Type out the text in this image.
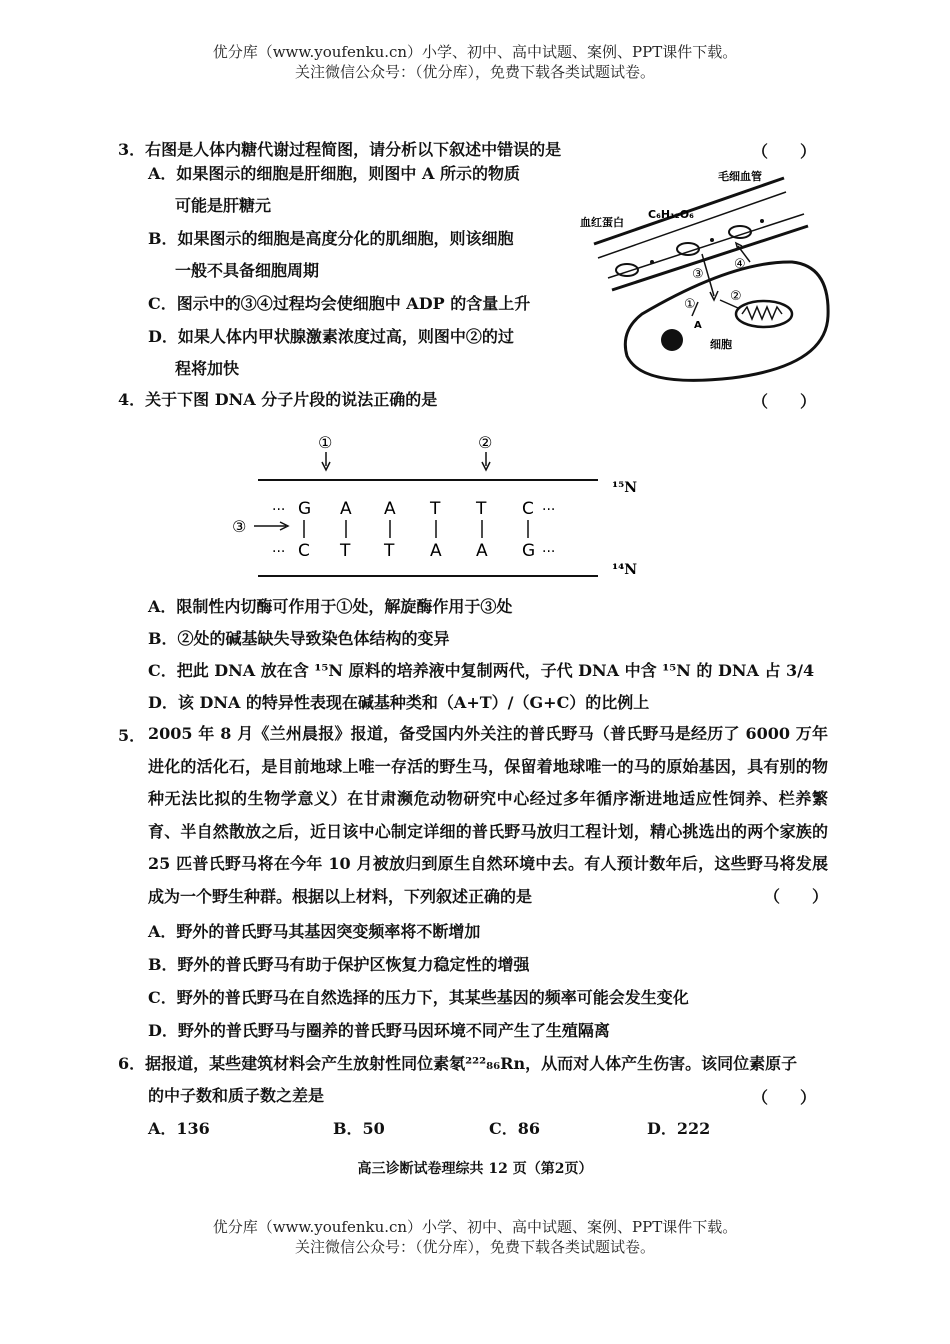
优分库（www.youfenku.cn）小学、初中、高中试题、案例、PPT课件下载。
关注微信公众号：（优分库），免费下载各类试题试卷。
3．右图是人体内糖代谢过程简图，请分析以下叙述中错误的是	（　　）
A．如果图示的细胞是肝细胞，则图中 A 所示的物质
可能是肝糖元
B．如果图示的细胞是高度分化的肌细胞，则该细胞
一般不具备细胞周期
C．图示中的③④过程均会使细胞中 ADP 的含量上升
D．如果人体内甲状腺激素浓度过高，则图中②的过
程将加快
毛细血管
血红蛋白
C₆H₁₂O₆
细胞
A
①
②
③
④
4．关于下图 DNA 分子片段的说法正确的是	（　　）
①	②
¹⁵N
¹⁴N
···	···
···	···
G A A T T C
C T T A A G
③
A．限制性内切酶可作用于①处，解旋酶作用于③处
B．②处的碱基缺失导致染色体结构的变异
C．把此 DNA 放在含 ¹⁵N 原料的培养液中复制两代，子代 DNA 中含 ¹⁵N 的 DNA 占 3/4
D．该 DNA 的特异性表现在碱基种类和（A+T）/（G+C）的比例上
5． 2005 年 8 月《兰州晨报》报道，备受国内外关注的普氏野马（普氏野马是经历了 6000 万年进化的活化石，是目前地球上唯一存活的野生马，保留着地球唯一的马的原始基因，具有别的物种无法比拟的生物学意义）在甘肃濒危动物研究中心经过多年循序渐进地适应性饲养、栏养繁育、半自然散放之后，近日该中心制定详细的普氏野马放归工程计划，精心挑选出的两个家族的 25 匹普氏野马将在今年 10 月被放归到原生自然环境中去。有人预计数年后，这些野马将发展成为一个野生种群。根据以上材料，下列叙述正确的是	（　　）
A．野外的普氏野马其基因突变频率将不断增加
B．野外的普氏野马有助于保护区恢复力稳定性的增强
C．野外的普氏野马在自然选择的压力下，其某些基因的频率可能会发生变化
D．野外的普氏野马与圈养的普氏野马因环境不同产生了生殖隔离
6．据报道，某些建筑材料会产生放射性同位素氡²²²₈₆Rn，从而对人体产生伤害。该同位素原子
的中子数和质子数之差是	（　　）
A．136	B．50	C．86	D．222
高三诊断试卷理综共 12 页（第2页）
优分库（www.youfenku.cn）小学、初中、高中试题、案例、PPT课件下载。
关注微信公众号：（优分库），免费下载各类试题试卷。
